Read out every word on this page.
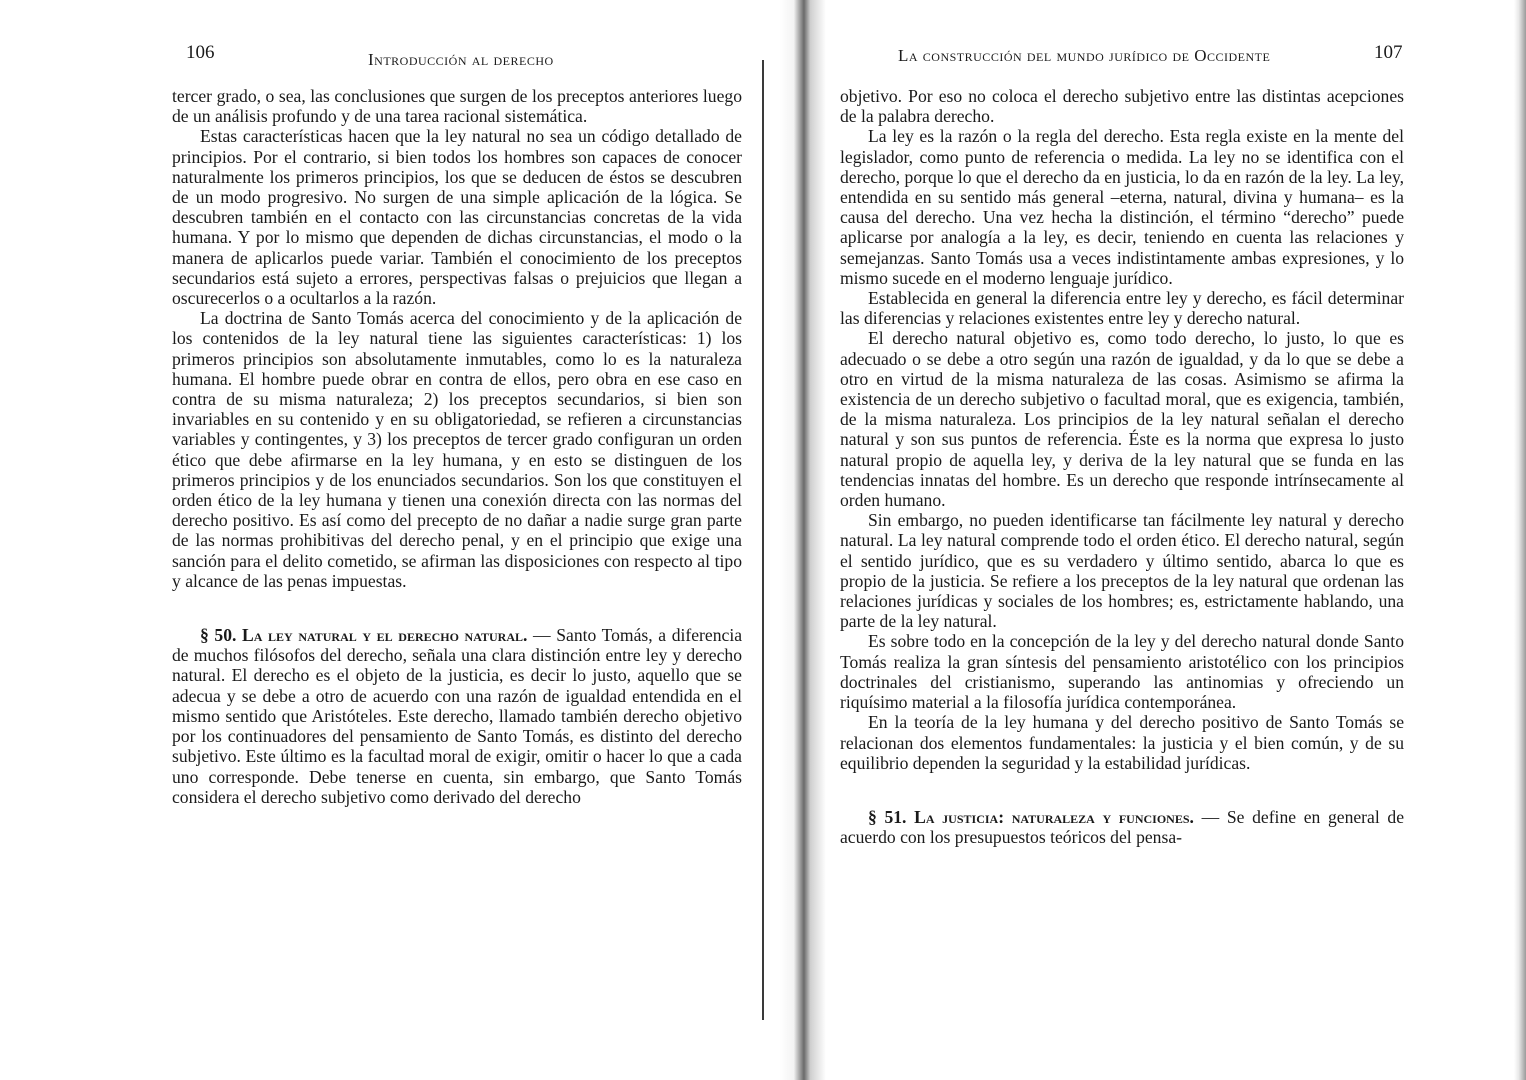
106	Introducción al derecho

tercer grado, o sea, las conclusiones que surgen de los preceptos anteriores luego de un análisis profundo y de una tarea racional sistemática.

Estas características hacen que la ley natural no sea un código detallado de principios. Por el contrario, si bien todos los hombres son capaces de conocer naturalmente los primeros principios, los que se deducen de éstos se descubren de un modo progresivo. No surgen de una simple aplicación de la lógica. Se descubren también en el contacto con las circunstancias concretas de la vida humana. Y por lo mismo que dependen de dichas circunstancias, el modo o la manera de aplicarlos puede variar. También el conocimiento de los preceptos secundarios está sujeto a errores, perspectivas falsas o prejuicios que llegan a oscurecerlos o a ocultarlos a la razón.

La doctrina de Santo Tomás acerca del conocimiento y de la aplicación de los contenidos de la ley natural tiene las siguientes características: 1) los primeros principios son absolutamente inmutables, como lo es la naturaleza humana. El hombre puede obrar en contra de ellos, pero obra en ese caso en contra de su misma naturaleza; 2) los preceptos secundarios, si bien son invariables en su contenido y en su obligatoriedad, se refieren a circunstancias variables y contingentes, y 3) los preceptos de tercer grado configuran un orden ético que debe afirmarse en la ley humana, y en esto se distinguen de los primeros principios y de los enunciados secundarios. Son los que constituyen el orden ético de la ley humana y tienen una conexión directa con las normas del derecho positivo. Es así como del precepto de no dañar a nadie surge gran parte de las normas prohibitivas del derecho penal, y en el principio que exige una sanción para el delito cometido, se afirman las disposiciones con respecto al tipo y alcance de las penas impuestas.

§ 50. La ley natural y el derecho natural. — Santo Tomás, a diferencia de muchos filósofos del derecho, señala una clara distinción entre ley y derecho natural. El derecho es el objeto de la justicia, es decir lo justo, aquello que se adecua y se debe a otro de acuerdo con una razón de igualdad entendida en el mismo sentido que Aristóteles. Este derecho, llamado también derecho objetivo por los continuadores del pensamiento de Santo Tomás, es distinto del derecho subjetivo. Este último es la facultad moral de exigir, omitir o hacer lo que a cada uno corresponde. Debe tenerse en cuenta, sin embargo, que Santo Tomás considera el derecho subjetivo como derivado del derecho

La construcción del mundo jurídico de Occidente	107

objetivo. Por eso no coloca el derecho subjetivo entre las distintas acepciones de la palabra derecho.

La ley es la razón o la regla del derecho. Esta regla existe en la mente del legislador, como punto de referencia o medida. La ley no se identifica con el derecho, porque lo que el derecho da en justicia, lo da en razón de la ley. La ley, entendida en su sentido más general –eterna, natural, divina y humana– es la causa del derecho. Una vez hecha la distinción, el término “derecho” puede aplicarse por analogía a la ley, es decir, teniendo en cuenta las relaciones y semejanzas. Santo Tomás usa a veces indistintamente ambas expresiones, y lo mismo sucede en el moderno lenguaje jurídico.

Establecida en general la diferencia entre ley y derecho, es fácil determinar las diferencias y relaciones existentes entre ley y derecho natural.

El derecho natural objetivo es, como todo derecho, lo justo, lo que es adecuado o se debe a otro según una razón de igualdad, y da lo que se debe a otro en virtud de la misma naturaleza de las cosas. Asimismo se afirma la existencia de un derecho subjetivo o facultad moral, que es exigencia, también, de la misma naturaleza. Los principios de la ley natural señalan el derecho natural y son sus puntos de referencia. Éste es la norma que expresa lo justo natural propio de aquella ley, y deriva de la ley natural que se funda en las tendencias innatas del hombre. Es un derecho que responde intrínsecamente al orden humano.

Sin embargo, no pueden identificarse tan fácilmente ley natural y derecho natural. La ley natural comprende todo el orden ético. El derecho natural, según el sentido jurídico, que es su verdadero y último sentido, abarca lo que es propio de la justicia. Se refiere a los preceptos de la ley natural que ordenan las relaciones jurídicas y sociales de los hombres; es, estrictamente hablando, una parte de la ley natural.

Es sobre todo en la concepción de la ley y del derecho natural donde Santo Tomás realiza la gran síntesis del pensamiento aristotélico con los principios doctrinales del cristianismo, superando las antinomias y ofreciendo un riquísimo material a la filosofía jurídica contemporánea.

En la teoría de la ley humana y del derecho positivo de Santo Tomás se relacionan dos elementos fundamentales: la justicia y el bien común, y de su equilibrio dependen la seguridad y la estabilidad jurídicas.

§ 51. La justicia: naturaleza y funciones. — Se define en general de acuerdo con los presupuestos teóricos del pensa-
